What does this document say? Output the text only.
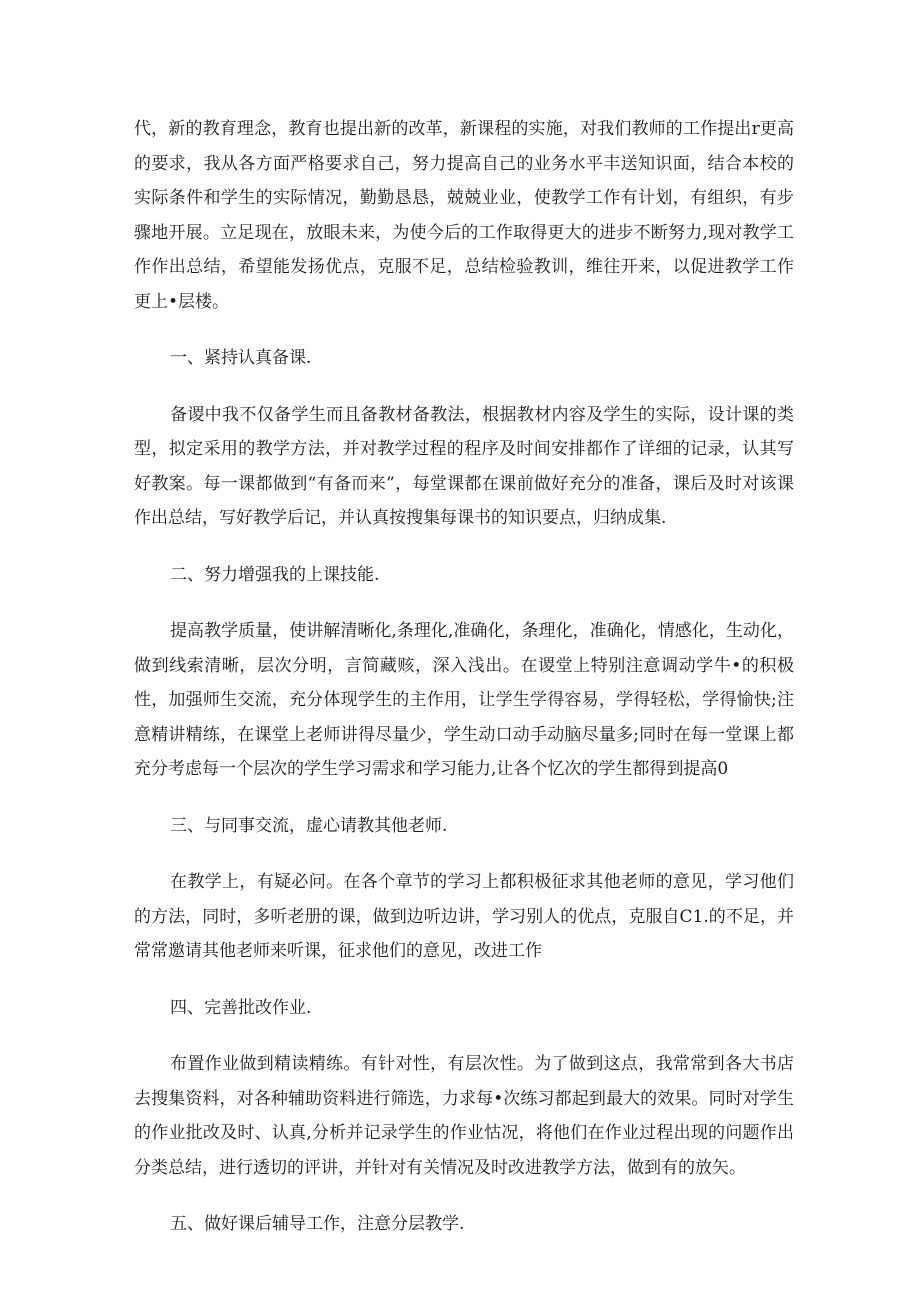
代，新的教育理念，教育也提出新的改革，新课程的实施，对我们教师的工作提出r更高的要求，我从各方面严格要求自己，努力提高自己的业务水平丰送知识面，结合本校的实际条件和学生的实际情况，勤勤恳恳，兢兢业业，使教学工作有计划，有组织，有步骤地开展。立足现在，放眼未来，为使今后的工作取得更大的进步不断努力,现对教学工作作出总结，希望能发扬优点，克服不足，总结检验教训，维往开来，以促进教学工作更上•层楼。

一、紧持认真备课.

备谡中我不仅备学生而且备教材备教法，根据教材内容及学生的实际，设计课的类型，拟定采用的教学方法，并对教学过程的程序及时间安排都作了详细的记录，认其写好教案。每一课都做到“有备而来”，每堂课都在课前做好充分的准备，课后及时对该课作出总结，写好教学后记，并认真按搜集每课书的知识要点，归纳成集.

二、努力增强我的上课技能.

提高教学质量，使讲解清晰化,条理化,准确化，条理化，准确化，情感化，生动化，做到线索清晰，层次分明，言简藏赅，深入浅出。在谡堂上特别注意调动学牛•的积极性，加强师生交流，充分体现学生的主作用，让学生学得容易，学得轻松，学得愉快;注意精讲精练，在课堂上老师讲得尽量少，学生动口动手动脑尽量多;同时在每一堂课上都充分考虑每一个层次的学生学习需求和学习能力,让各个忆次的学生都得到提高0

三、与同事交流，虚心请教其他老师.

在教学上，有疑必问。在各个章节的学习上都积极征求其他老师的意见，学习他们的方法，同时，多听老册的课，做到边听边讲，学习别人的优点，克服自C1.的不足，并常常邀请其他老师来听课，征求他们的意见，改进工作

四、完善批改作业.

布置作业做到精读精练。有针对性，有层次性。为了做到这点，我常常到各大书店去搜集资料，对各种辅助资料进行筛选，力求每•次练习都起到最大的效果。同时对学生的作业批改及时、认真,分析并记录学生的作业怙况，将他们在作业过程出现的问题作出分类总结，进行透切的评讲，并针对有关情况及时改进教学方法，做到有的放矢。

五、做好课后辅导工作，注意分层教学.
